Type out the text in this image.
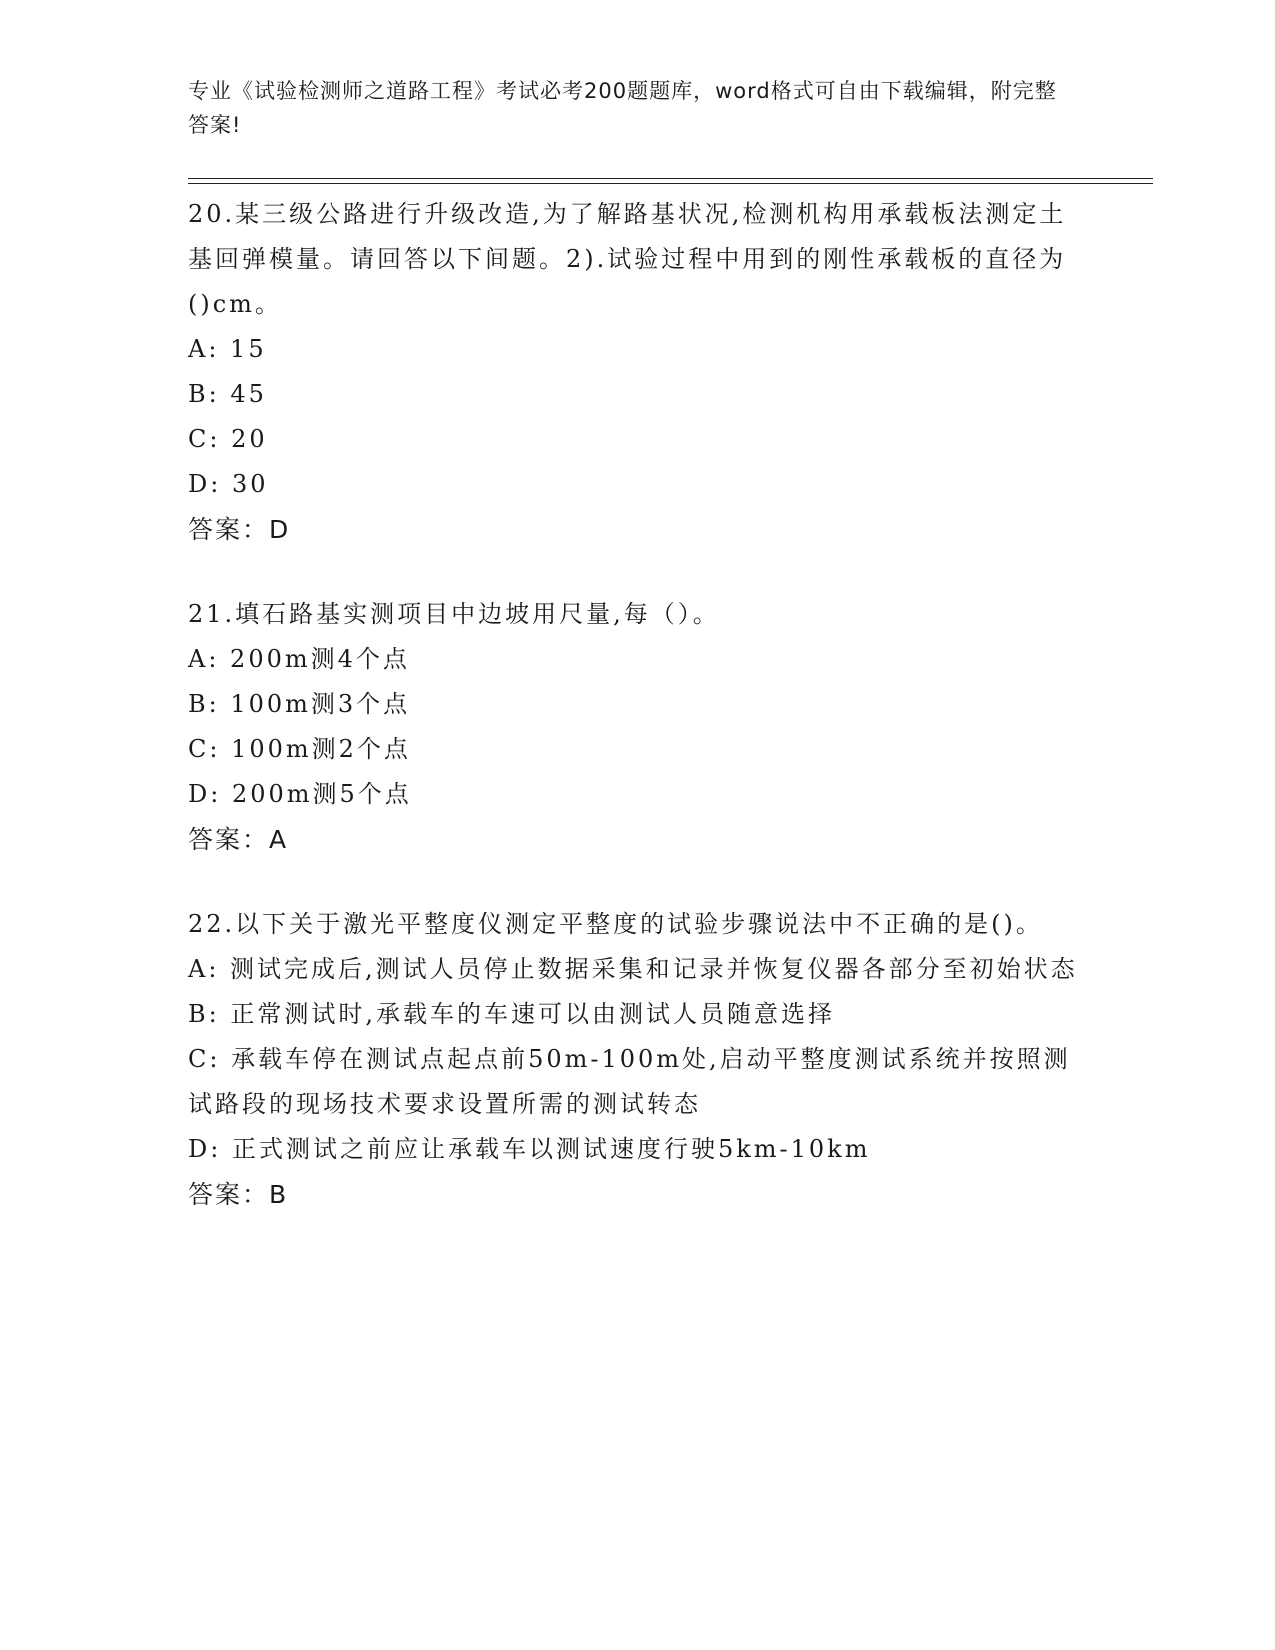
专业《试验检测师之道路工程》考试必考200题题库，word格式可自由下载编辑，附完整答案!

20.某三级公路进行升级改造,为了解路基状况,检测机构用承载板法测定土基回弹模量。请回答以下间题。2).试验过程中用到的刚性承载板的直径为()cm。

A: 15

B: 45

C: 20

D: 30

答案：D

21.填石路基实测项目中边坡用尺量,每（）。

A: 200m测4个点

B: 100m测3个点

C: 100m测2个点

D: 200m测5个点

答案：A

22.以下关于激光平整度仪测定平整度的试验步骤说法中不正确的是()。

A: 测试完成后,测试人员停止数据采集和记录并恢复仪器各部分至初始状态

B: 正常测试时,承载车的车速可以由测试人员随意选择

C: 承载车停在测试点起点前50m-100m处,启动平整度测试系统并按照测试路段的现场技术要求设置所需的测试转态

D: 正式测试之前应让承载车以测试速度行驶5km-10km

答案：B
